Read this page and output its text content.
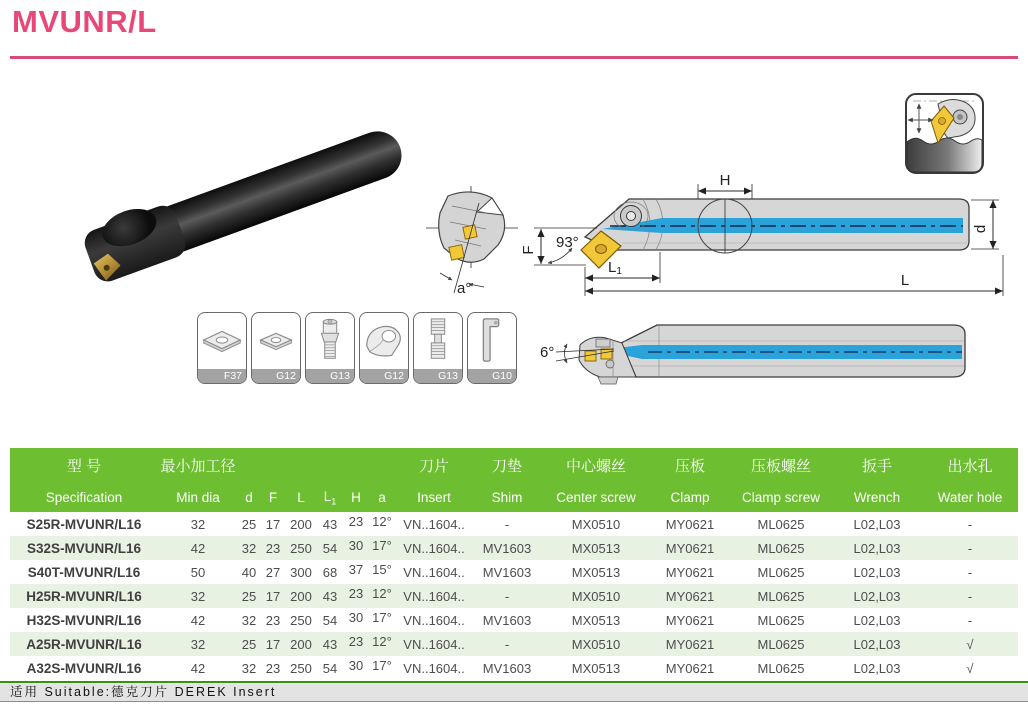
MVUNR/L
a°
H
d
F 93°
L1
L
6°
F37	G12	G13	G12	G13	G10
型 号	最小加工径							刀片	刀垫	中心螺丝	压板	压板螺丝	扳手	出水孔
Specification	Min dia	d	F	L	$L_1$	H	a	Insert	Shim	Center screw	Clamp	Clamp screw	Wrench	Water hole
S25R-MVUNR/L16	32	25	17	200	43	23	12°	VN..1604..	-	MX0510	MY0621	ML0625	L02,L03	-
S32S-MVUNR/L16	42	32	23	250	54	30	17°	VN..1604..	MV1603	MX0513	MY0621	ML0625	L02,L03	-
S40T-MVUNR/L16	50	40	27	300	68	37	15°	VN..1604..	MV1603	MX0513	MY0621	ML0625	L02,L03	-
H25R-MVUNR/L16	32	25	17	200	43	23	12°	VN..1604..	-	MX0510	MY0621	ML0625	L02,L03	-
H32S-MVUNR/L16	42	32	23	250	54	30	17°	VN..1604..	MV1603	MX0513	MY0621	ML0625	L02,L03	-
A25R-MVUNR/L16	32	25	17	200	43	23	12°	VN..1604..	-	MX0510	MY0621	ML0625	L02,L03	√
A32S-MVUNR/L16	42	32	23	250	54	30	17°	VN..1604..	MV1603	MX0513	MY0621	ML0625	L02,L03	√
适用 Suitable:德克刀片 DEREK Insert
